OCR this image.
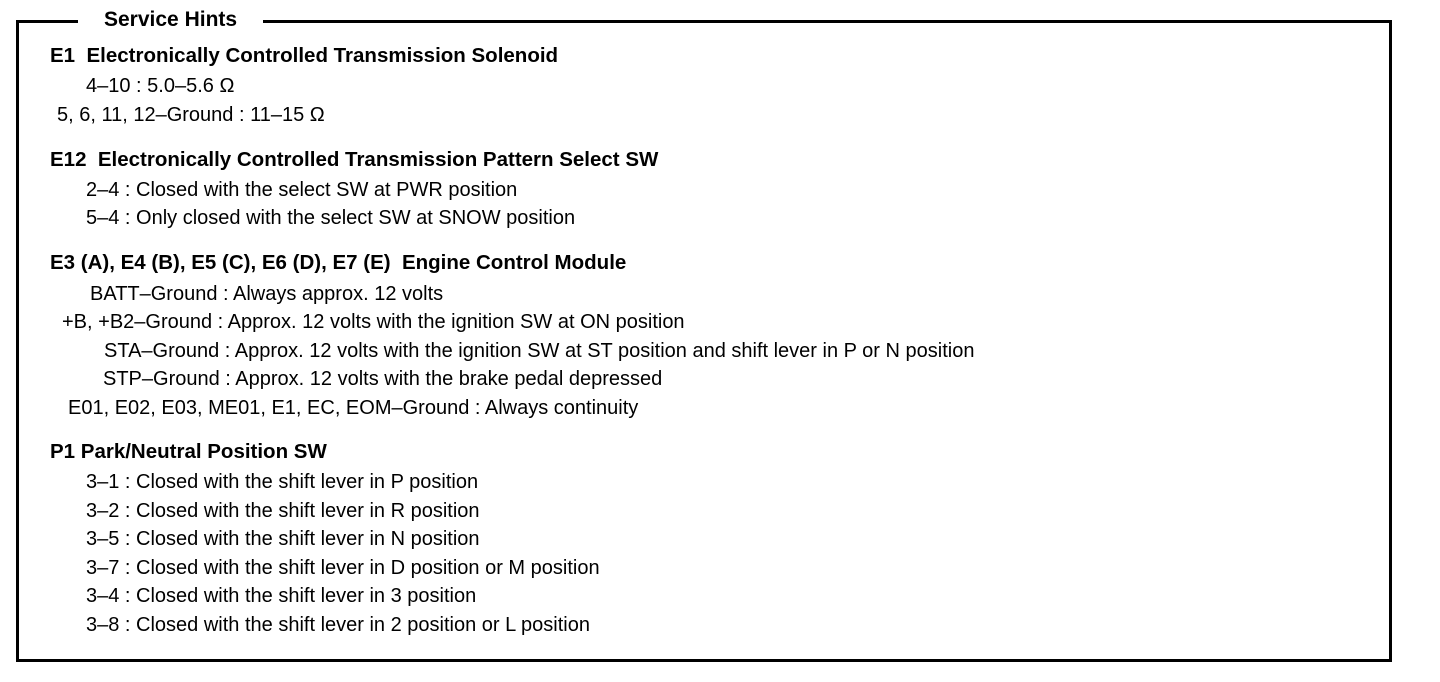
Service Hints
E1  Electronically Controlled Transmission Solenoid
4–10 : 5.0–5.6 Ω
5, 6, 11, 12–Ground : 11–15 Ω
E12  Electronically Controlled Transmission Pattern Select SW
2–4 : Closed with the select SW at PWR position
5–4 : Only closed with the select SW at SNOW position
E3 (A), E4 (B), E5 (C), E6 (D), E7 (E)  Engine Control Module
BATT–Ground : Always approx. 12 volts
+B, +B2–Ground : Approx. 12 volts with the ignition SW at ON position
STA–Ground : Approx. 12 volts with the ignition SW at ST position and shift lever in P or N position
STP–Ground : Approx. 12 volts with the brake pedal depressed
E01, E02, E03, ME01, E1, EC, EOM–Ground : Always continuity
P1 Park/Neutral Position SW
3–1 : Closed with the shift lever in P position
3–2 : Closed with the shift lever in R position
3–5 : Closed with the shift lever in N position
3–7 : Closed with the shift lever in D position or M position
3–4 : Closed with the shift lever in 3 position
3–8 : Closed with the shift lever in 2 position or L position
